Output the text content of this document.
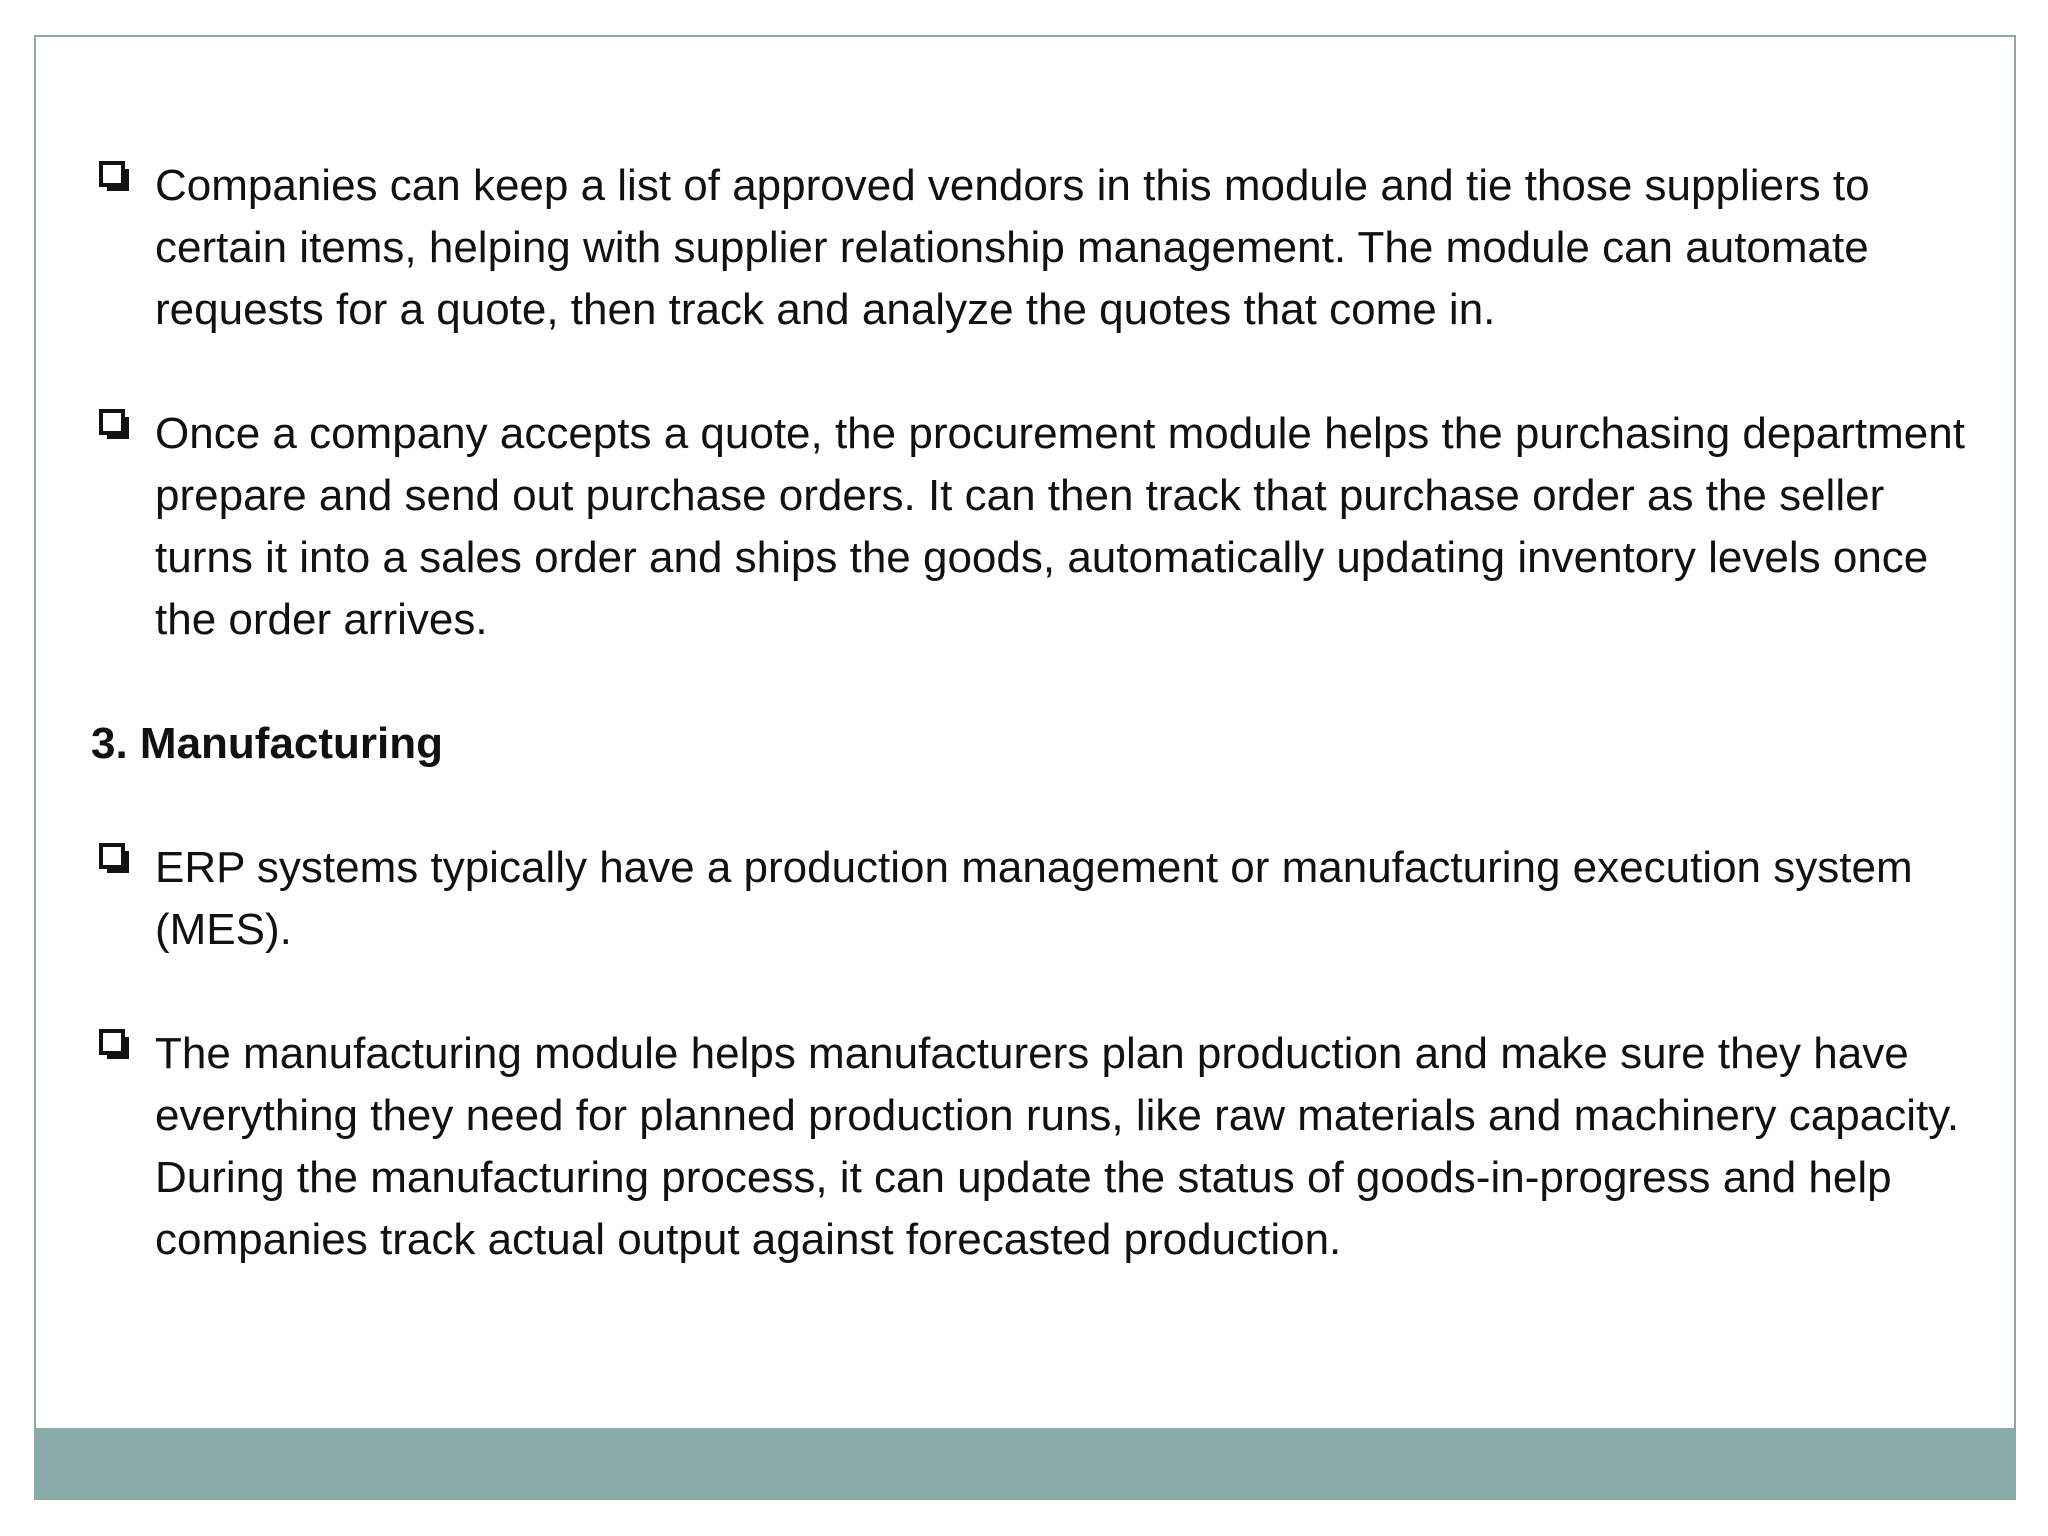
Companies can keep a list of approved vendors in this module and tie those suppliers to certain items, helping with supplier relationship management. The module can automate requests for a quote, then track and analyze the quotes that come in.
Once a company accepts a quote, the procurement module helps the purchasing department prepare and send out purchase orders. It can then track that purchase order as the seller turns it into a sales order and ships the goods, automatically updating inventory levels once the order arrives.
3. Manufacturing
ERP systems typically have a production management or manufacturing execution system (MES).
The manufacturing module helps manufacturers plan production and make sure they have everything they need for planned production runs, like raw materials and machinery capacity. During the manufacturing process, it can update the status of goods-in-progress and help companies track actual output against forecasted production.
